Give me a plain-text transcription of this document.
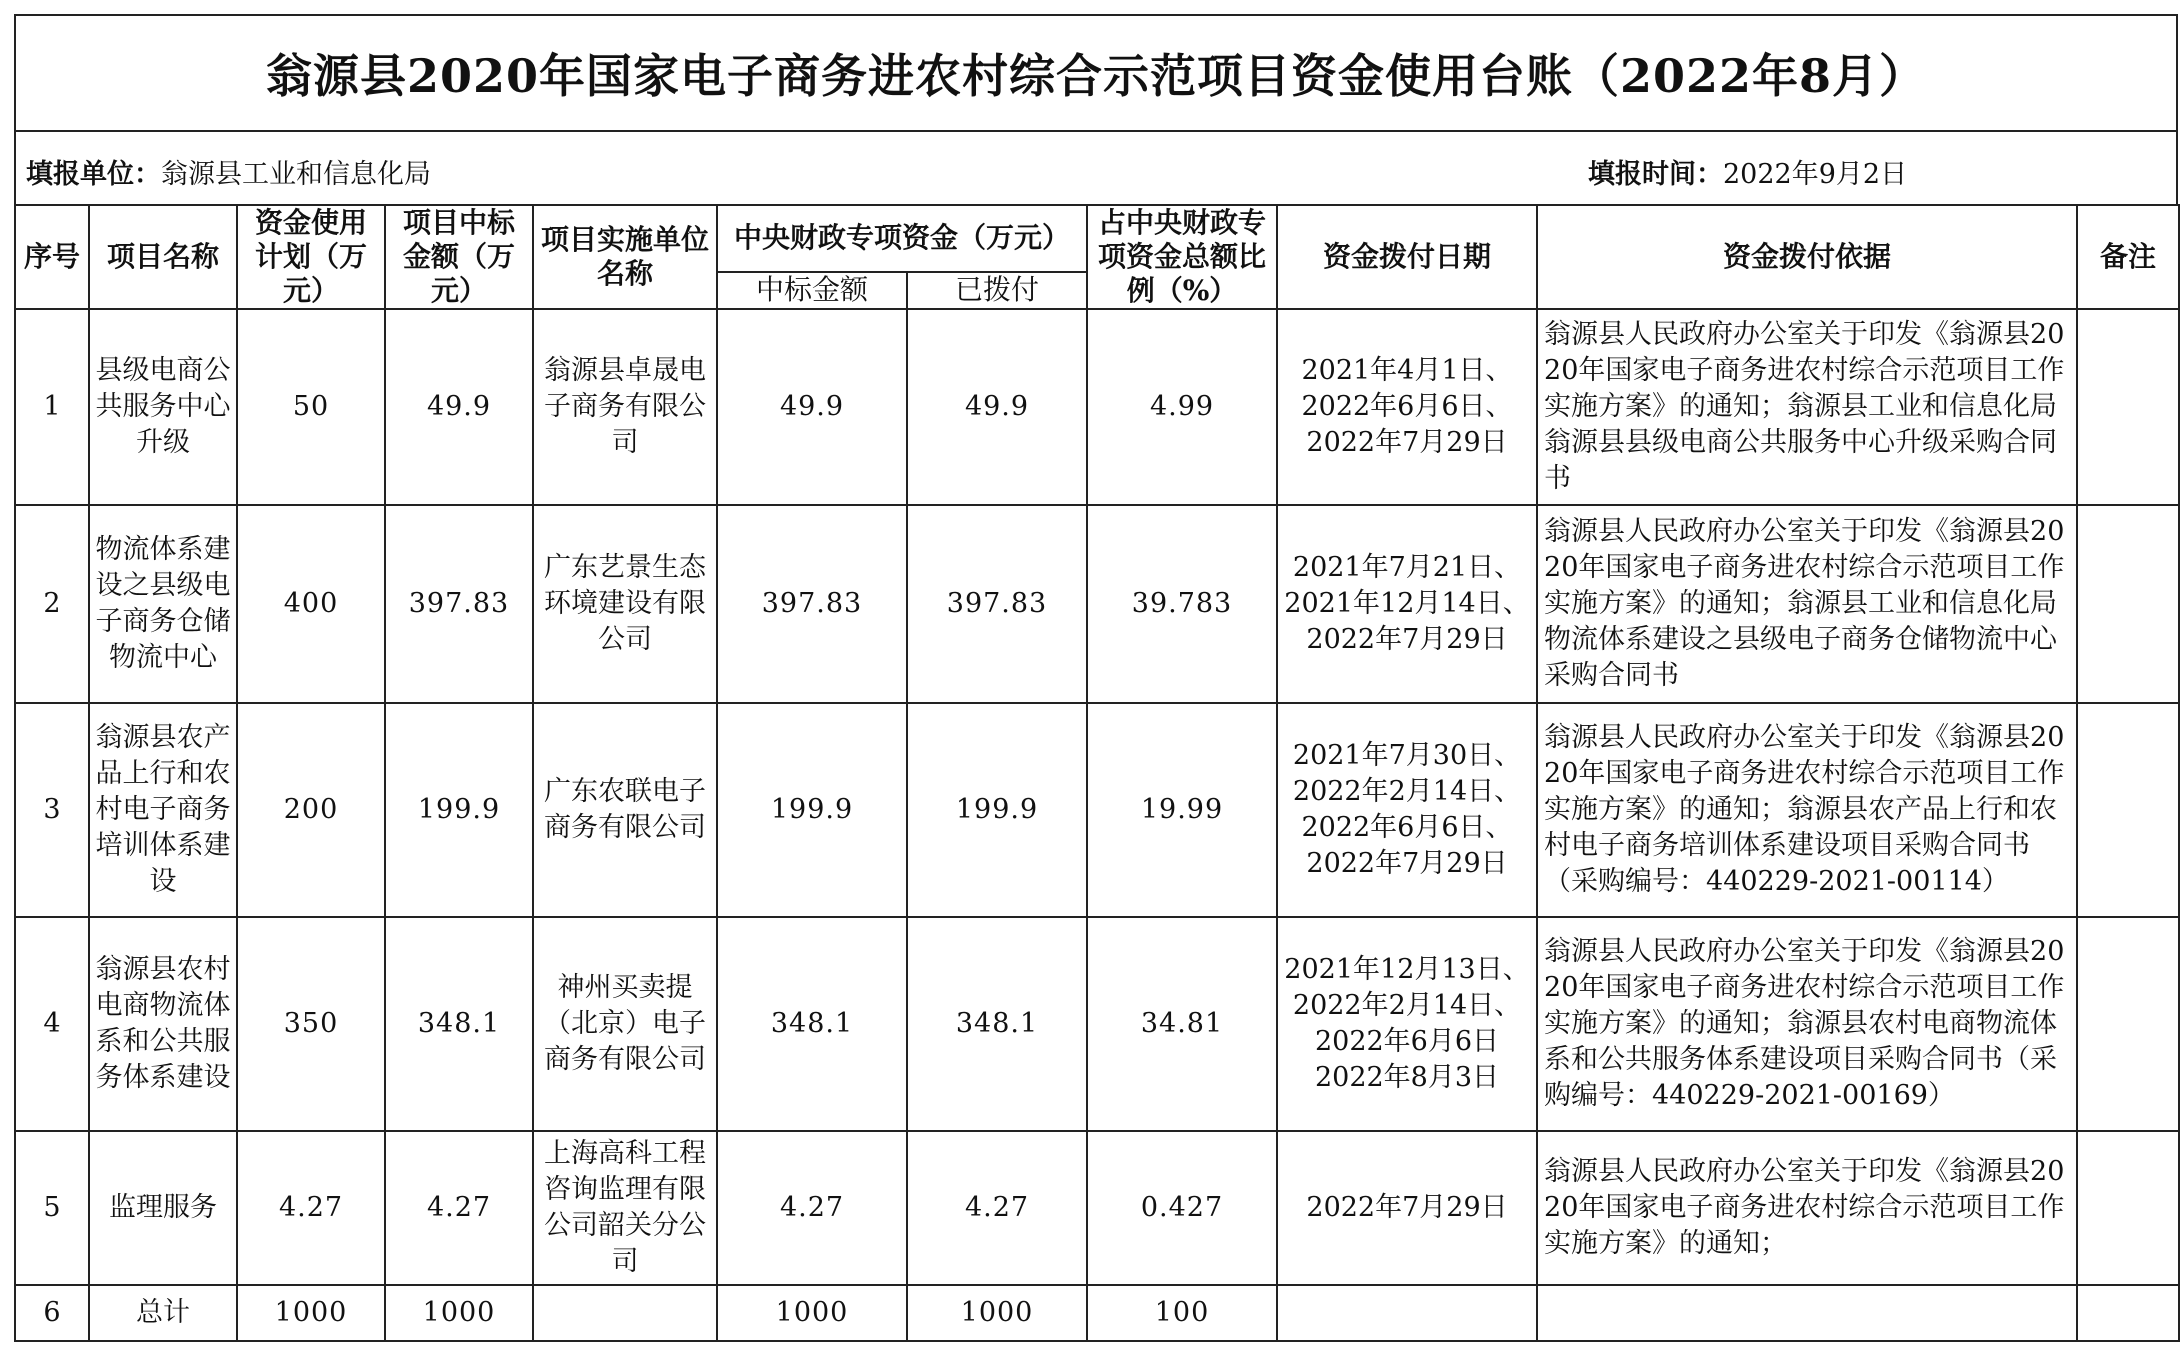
翁源县2020年国家电子商务进农村综合示范项目资金使用台账（2022年8月）
填报单位：翁源县工业和信息化局	填报时间：2022年9月2日
序号	项目名称	资金使用计划（万元）	项目中标金额（万元）	项目实施单位名称	中央财政专项资金（万元）		占中央财政专项资金总额比例（%）	资金拨付日期	资金拨付依据	备注
					中标金额	已拨付				
1	县级电商公共服务中心升级	50	49.9	翁源县卓晟电子商务有限公司	49.9	49.9	4.99	2021年4月1日、
2022年6月6日、
2022年7月29日	翁源县人民政府办公室关于印发《翁源县2020年国家电子商务进农村综合示范项目工作实施方案》的通知；翁源县工业和信息化局翁源县县级电商公共服务中心升级采购合同书	
2	物流体系建设之县级电子商务仓储物流中心	400	397.83	广东艺景生态环境建设有限公司	397.83	397.83	39.783	2021年7月21日、
2021年12月14日、
2022年7月29日	翁源县人民政府办公室关于印发《翁源县2020年国家电子商务进农村综合示范项目工作实施方案》的通知；翁源县工业和信息化局物流体系建设之县级电子商务仓储物流中心采购合同书	
3	翁源县农产品上行和农村电子商务培训体系建设	200	199.9	广东农联电子商务有限公司	199.9	199.9	19.99	2021年7月30日、
2022年2月14日、
2022年6月6日、
2022年7月29日	翁源县人民政府办公室关于印发《翁源县2020年国家电子商务进农村综合示范项目工作实施方案》的通知；翁源县农产品上行和农村电子商务培训体系建设项目采购合同书（采购编号：440229-2021-00114）	
4	翁源县农村电商物流体系和公共服务体系建设	350	348.1	神州买卖提（北京）电子商务有限公司	348.1	348.1	34.81	2021年12月13日、
2022年2月14日、
2022年6月6日
2022年8月3日	翁源县人民政府办公室关于印发《翁源县2020年国家电子商务进农村综合示范项目工作实施方案》的通知；翁源县农村电商物流体系和公共服务体系建设项目采购合同书（采购编号：440229-2021-00169）	
5	监理服务	4.27	4.27	上海高科工程咨询监理有限公司韶关分公司	4.27	4.27	0.427	2022年7月29日	翁源县人民政府办公室关于印发《翁源县2020年国家电子商务进农村综合示范项目工作实施方案》的通知；	
6	总计	1000	1000		1000	1000	100			
